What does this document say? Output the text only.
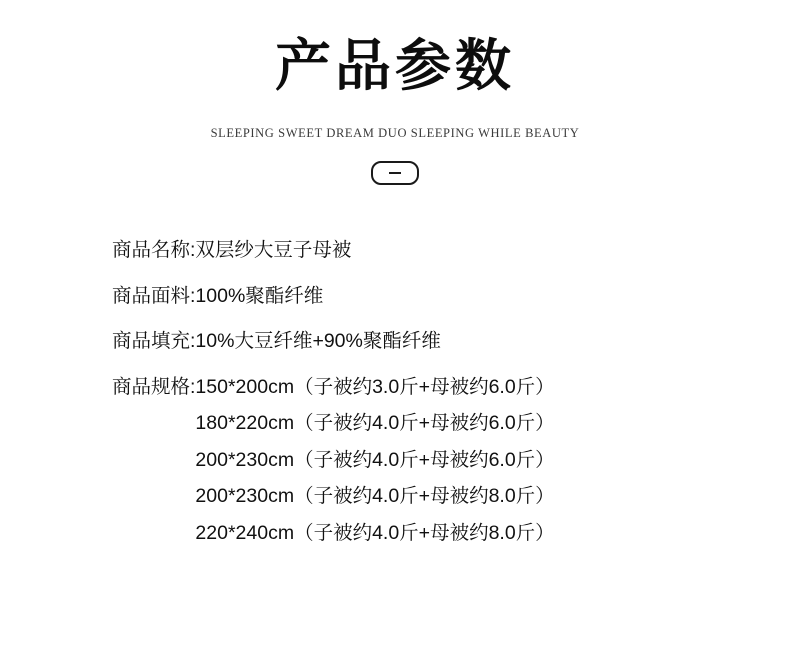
产品参数
SLEEPING SWEET DREAM DUO SLEEPING WHILE BEAUTY
商品名称: 双层纱大豆子母被
商品面料: 100%聚酯纤维
商品填充: 10%大豆纤维+90%聚酯纤维
商品规格: 150*200cm（子被约3.0斤+母被约6.0斤）
180*220cm（子被约4.0斤+母被约6.0斤）
200*230cm（子被约4.0斤+母被约6.0斤）
200*230cm（子被约4.0斤+母被约8.0斤）
220*240cm（子被约4.0斤+母被约8.0斤）
